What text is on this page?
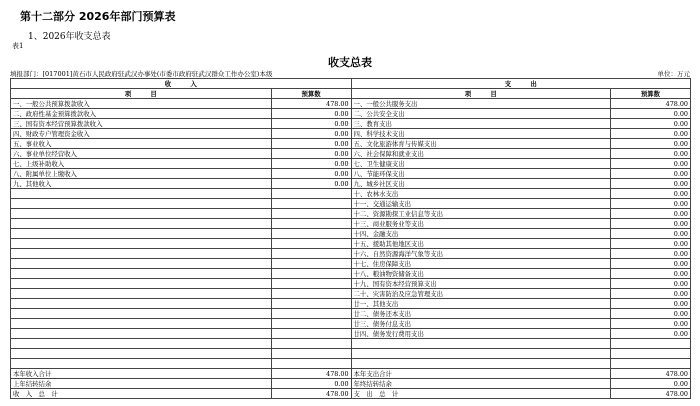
第十二部分 2026年部门预算表
1、2026年收支总表
表1
收支总表
填报部门：[017001]黄石市人民政府驻武汉办事处(市委市政府驻武汉群众工作办公室)本级	单位：万元
收　　　入		支　　　出	
项　　　目	预算数	项　　　目	预算数
一、一般公共预算拨款收入	478.00	一、一般公共服务支出	478.00
二、政府性基金预算拨款收入	0.00	二、公共安全支出	0.00
三、国有资本经营预算拨款收入	0.00	三、教育支出	0.00
四、财政专户管理资金收入	0.00	四、科学技术支出	0.00
五、事业收入	0.00	五、文化旅游体育与传媒支出	0.00
六、事业单位经营收入	0.00	六、社会保障和就业支出	0.00
七、上级补助收入	0.00	七、卫生健康支出	0.00
八、附属单位上缴收入	0.00	八、节能环保支出	0.00
九、其他收入	0.00	九、城乡社区支出	0.00
		十、农林水支出	0.00
		十一、交通运输支出	0.00
		十二、资源勘探工业信息等支出	0.00
		十三、商业服务业等支出	0.00
		十四、金融支出	0.00
		十五、援助其他地区支出	0.00
		十六、自然资源海洋气象等支出	0.00
		十七、住房保障支出	0.00
		十八、粮油物资储备支出	0.00
		十九、国有资本经营预算支出	0.00
		二十、灾害防治及应急管理支出	0.00
		廿一、其他支出	0.00
		廿二、债务还本支出	0.00
		廿三、债务付息支出	0.00
		廿四、债务发行费用支出	0.00

本年收入合计	478.00	本年支出合计	478.00
上年结转结余	0.00	年终结转结余	0.00
收　入　总　计	478.00	支　出　总　计	478.00
